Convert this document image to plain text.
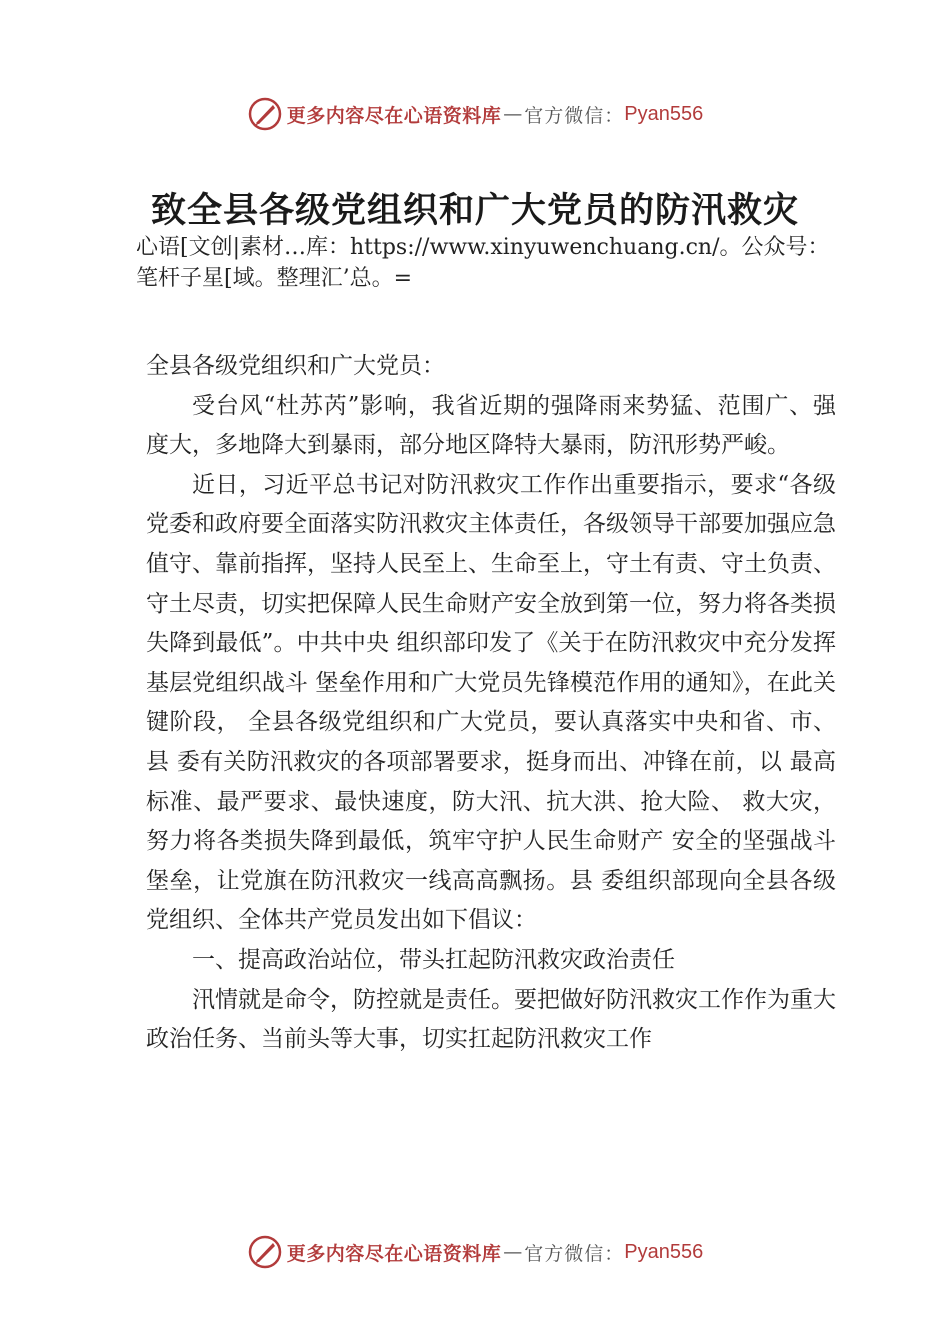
更多内容尽在心语资料库 — 官方微信： Pyan556
致全县各级党组织和广大党员的防汛救灾
心语[文创|素材…库：https://www.xinyuwenchuang.cn/。公众号：笔杆子星[域。整理汇’总。=

全县各级党组织和广大党员：

受台风“杜苏芮”影响，我省近期的强降雨来势猛、范围广、强度大，多地降大到暴雨，部分地区降特大暴雨，防汛形势严峻。

近日，习近平总书记对防汛救灾工作作出重要指示，要求“各级党委和政府要全面落实防汛救灾主体责任，各级领导干部要加强应急值守、靠前指挥，坚持人民至上、生命至上，守土有责、守土负责、守土尽责，切实把保障人民生命财产安全放到第一位，努力将各类损失降到最低”。中共中央 组织部印发了《关于在防汛救灾中充分发挥基层党组织战斗 堡垒作用和广大党员先锋模范作用的通知》，在此关键阶段， 全县各级党组织和广大党员，要认真落实中央和省、市、县 委有关防汛救灾的各项部署要求，挺身而出、冲锋在前，以 最高标准、最严要求、最快速度，防大汛、抗大洪、抢大险、 救大灾，努力将各类损失降到最低，筑牢守护人民生命财产 安全的坚强战斗堡垒，让党旗在防汛救灾一线高高飘扬。县 委组织部现向全县各级党组织、全体共产党员发出如下倡议：

一、提高政治站位，带头扛起防汛救灾政治责任

汛情就是命令，防控就是责任。要把做好防汛救灾工作作为重大政治任务、当前头等大事，切实扛起防汛救灾工作

更多内容尽在心语资料库 — 官方微信： Pyan556
